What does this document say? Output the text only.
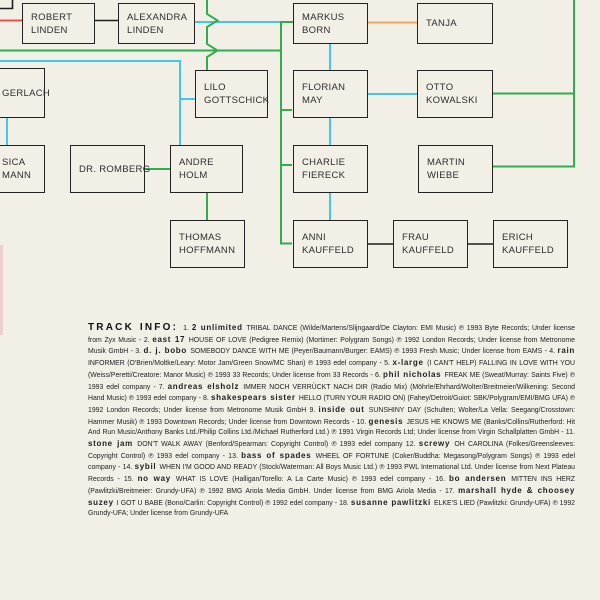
ROBERT
LINDEN
ALEXANDRA
LINDEN
MARKUS
BORN
TANJA
GERLACH	LILO
GOTTSCHICK
FLORIAN
MAY
OTTO
KOWALSKI
SICA
MANN
DR. ROMBERG
ANDRE
HOLM
CHARLIE
FIERECK
MARTIN
WIEBE
THOMAS
HOFFMANN
ANNI
KAUFFELD
FRAU
KAUFFELD
ERICH
KAUFFELD

TRACK INFO: 1. 2 unlimited TRIBAL DANCE (Wilde/Martens/Slijngaard/De Clayton: EMI Music) ℗ 1993 Byte Records; Under license from Zyx Music - 2. east 17 HOUSE OF LOVE (Pedigree Remix) (Mortimer: Polygram Songs) ℗ 1992 London Records; Under license from Metronome Musik GmbH - 3. d. j. bobo SOMEBODY DANCE WITH ME (Peyer/Baumann/Burger: EAMS) ℗ 1993 Fresh Music; Under license from EAMS - 4. rain INFORMER (O'Brien/Moltke/Leary: Motor Jam/Green Snow/MC Shan) ℗ 1993 edel company - 5. x-large (I CAN'T HELP) FALLING IN LOVE WITH YOU (Weiss/Peretti/Creatore: Manor Music) ℗ 1993 33 Records; Under license from 33 Records - 6. phil nicholas FREAK ME (Sweat/Murray: Saints Five) ℗ 1993 edel company - 7. andreas elsholz IMMER NOCH VERRÜCKT NACH DIR (Radio Mix) (Möhrle/Ehrhard/Wolter/Breitmeier/Wilkening: Second Hand Music) ℗ 1993 edel company - 8. shakespears sister HELLO (TURN YOUR RADIO ON) (Fahey/Detroit/Guiot: SBK/Polygram/EMI/BMG UFA) ℗ 1992 London Records; Under license from Metronome Musik GmbH 9. inside out SUNSHINY DAY (Schulten; Wolter/La Vella: Seegang/Crosstown: Hammer Musik) ℗ 1993 Downtown Records; Under license from Downtown Records - 10. genesis JESUS HE KNOWS ME (Banks/Collins/Rutherford: Hit And Run Music/Anthony Banks Ltd./Philip Collins Ltd./Michael Rutherford Ltd.) ℗ 1991 Virgin Records Ltd; Under license from Virgin Schallplatten GmbH - 11. stone jam DON'T WALK AWAY (Benford/Spearman: Copyright Control) ℗ 1993 edel company 12. screwy OH CAROLINA (Folkes/Greensleeves: Copyright Control) ℗ 1993 edel company - 13. bass of spades WHEEL OF FORTUNE (Coker/Buddha: Megasong/Polygram Songs) ℗ 1993 edel company - 14. sybil WHEN I'M GOOD AND READY (Stock/Waterman: All Boys Music Ltd.) ℗ 1993 PWL International Ltd. Under license from Next Plateau Records - 15. no way WHAT IS LOVE (Halligan/Torello: A La Carte Music) ℗ 1993 edel company - 16. bo andersen MITTEN INS HERZ (Pawlitzki/Breitmeier: Grundy-UFA) ℗ 1992 BMG Ariola Media GmbH. Under license from BMG Ariola Media - 17. marshall hyde & choosey suzey I GOT U BABE (Bono/Carlin: Copyright Control) ℗ 1992 edel company - 18. susanne pawlitzki ELKE'S LIED (Pawlitzki: Grundy-UFA) ℗ 1992 Grundy-UFA; Under license from Grundy-UFA
